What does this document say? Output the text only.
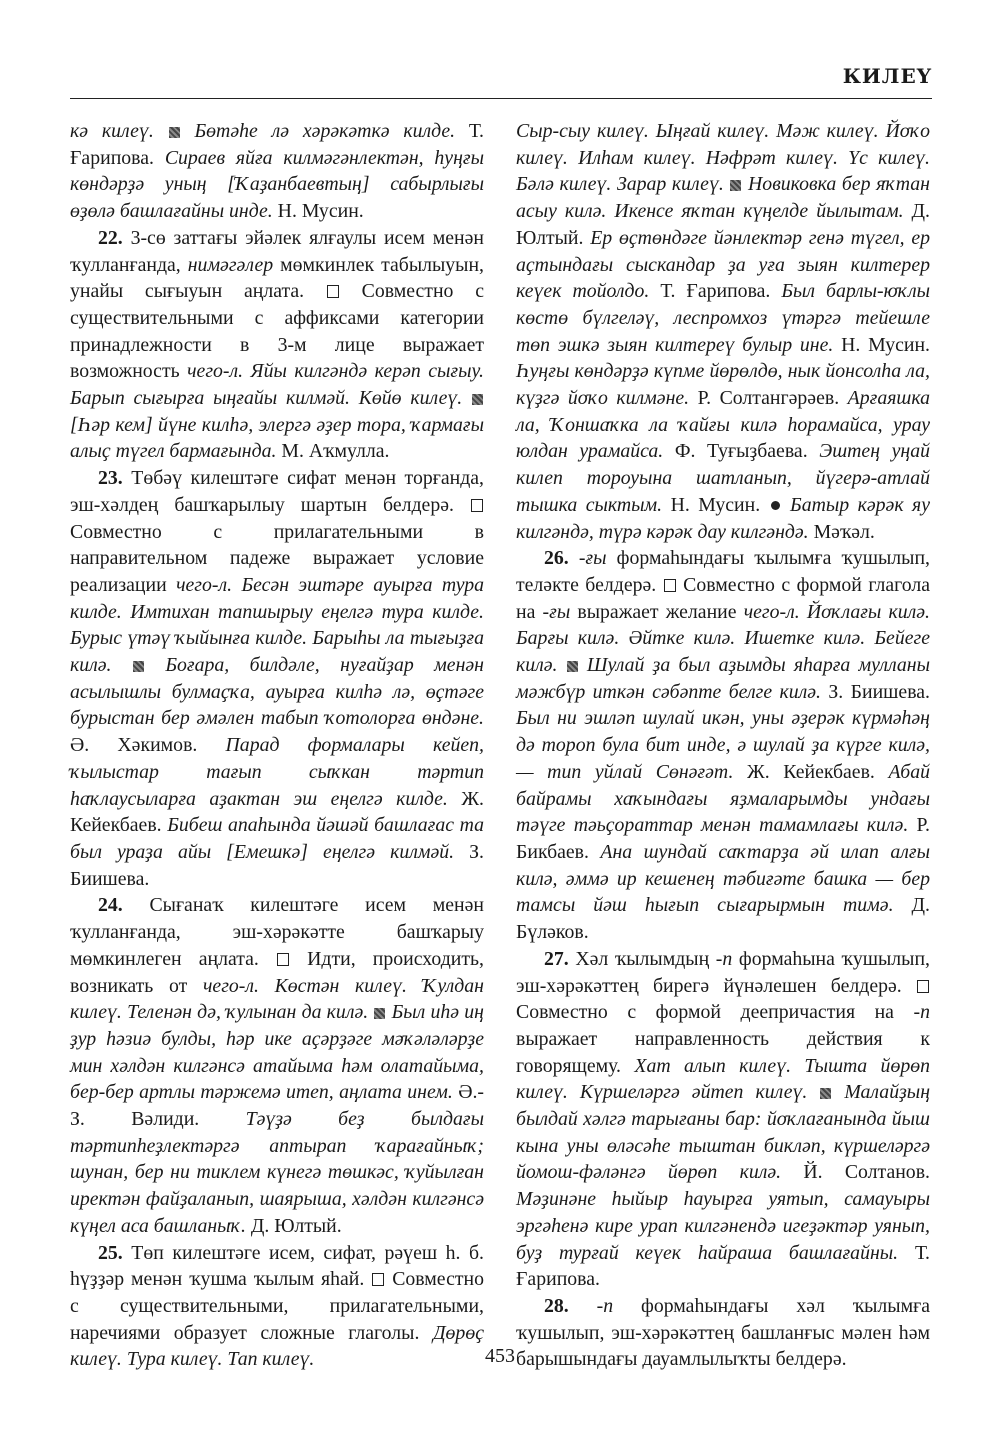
КИЛЕҮ

кә килеү.  Бөтәһе лә хәрәкәткә килде. Т. Ғарипова. Сираев яйға килмәгәнлектән, һуңғы көндәрҙә уның [Ҡаҙанбаевтың] сабырлығы өҙөлә башлағайны инде. Н. Мусин.

22. 3-сө заттағы эйәлек ялғаулы исем менән ҡулланғанда, нимәгәлер мөмкинлек табылыуын, унайы сығыуын аңлата.  Совместно с существительными с аффиксами категории принадлежности в 3-м лице выражает возможность чего-л. Яйы килгәндә керəп сығыу. Барып сығырға ыңғайы килмәй. Көйө килеү.  [Һәр кем] йүне килһә, элергә әҙер тора, ҡармағы алыҫ түгел бармағында. М. Аҡмулла.

23. Төбәү килештәге сифат менән торғанда, эш-хәлдең башҡарылыу шартын белдерә.  Совместно с прилагательными в направительном падеже выражает условие реализации чего-л. Бесән эштәре ауырға тура килде. Имтихан тапшырыу еңелгә тура килде. Бурыс үтәү ҡыйынға килде. Барыһы ла тығыҙға килә.  Боғара, билдәле, нуғайҙар менән асылышлы булмаҫҡа, ауырға килһә лә, өҫтәге бурыстан бер әмәлен табып ҡотолорға өндәне. Ә. Хәкимов. Парад формалары кейеп, ҡылыстар тағып сыҡкан тәртип һаҡлаусыларға аҙактан эш еңелгә килде. Ж. Кейекбаев. Бибеш апаһында йәшәй башлағас та был ураҙа айы [Емешкә] еңелгә килмәй. З. Биишева.

24. Сығанаҡ килештәге исем менән ҡулланғанда, эш-хәрәкәтте башҡарыу мөмкинлеген аңлата.  Идти, происходить, возникать от чего-л. Көстән килеү. Ҡулдан килеү. Теленән дә, ҡулынан да килә.  Был иһә иң ҙур һәзиә булды, һәр ике аҫәрҙәге мәҡәләләрҙе мин хәлдән килгәнсә атайыма һәм олатайыма, бер-бер артлы тәржемә итеп, аңлата инем. Ә.-З. Вәлиди. Тәүҙә беҙ былдағы тәртипһеҙлектәргә аптырап ҡарағайныҡ; шунан, бер ни тиклем күнегә төшкәс, ҡуйылған иректән файҙаланып, шаярыша, хәлдән килгәнсә күңел аса башланыҡ. Д. Юлтый.

25. Төп килештәге исем, сифат, рәүеш һ. б. һүҙҙәр менән ҡушма ҡылым яһай.  Совместно с существительными, прилагательными, наречиями образует сложные глаголы. Дөрөҫ килеү. Тура килеү. Тап килеү.

Сыр-сыу килеү. Ыңғай килеү. Мәж килеү. Йоҡо килеү. Илһам килеү. Нәфрәт килеү. Үс килеү. Бәлә килеү. Зарар килеү.  Новиковка бер яҡтан асыу килә. Икенсе яҡтан күңелде йылытам. Д. Юлтый. Ер өҫтөндәге йәнлектәр генә түгел, ер аҫтындағы сыскандар ҙа уға зыян килтерер кеүек тойолдо. Т. Ғарипова. Был барлы-юҡлы көстө бүлгеләү, леспромхоз үтәргә тейешле төп эшкә зыян килтереү булыр ине. Н. Мусин. Һуңғы көндәрҙә күпме йөрөлдө, нык йонсолһа ла, күҙгә йоҡо килмәне. Р. Солтангәрәев. Арғаяшка ла, Ҡоншаҡка ла ҡайғы килә һорамайса, урау юлдан урамайса. Ф. Туғыҙбаева. Эштең уңай килеп тороуына шатланып, йүгерә-атлай тышка сыктым. Н. Мусин.  Батыр кәрәк яу килгәндә, түрә кәрәк дау килгәндә. Мәҡәл.

26. -ғы формаһындағы ҡылымға ҡушылып, теләкте белдерә.  Совместно с формой глагола на -ғы выражает желание чего-л. Йоҡлағы килә. Барғы килә. Әйткe килә. Ишеткe килә. Бейеге килә.  Шулай ҙа был аҙымды яһарға мулланы мәжбүр иткән сәбәпте белге килә. З. Биишева. Был ни эшләп шулай икән, уны әҙерәк күрмәһәң дә тороп була бит инде, ә шулай ҙа күрге килә, — тип уйлай Сөнәғәт. Ж. Кейекбаев. Абай байрамы хаҡындағы яҙмаларымды ундағы тәүге тәьҫораттар менән тамамлағы килә. Р. Бикбаев. Ана шундай саҡтарҙа әй илап алғы килә, әммә ир кешенең тәбиғәте башка — бер тамсы йәш һығып сығарырмын тимә. Д. Бүләков.

27. Хәл ҡылымдың -п формаһына ҡушылып, эш-хәрәкәттең бирегә йүнәлешен белдерә.  Совместно с формой деепричастия на -п выражает направленность действия к говорящему. Хат алып килеү. Тыштa йөрөп килеү. Күршеләргә әйтеп килеү.  Малайҙың былдай хәлгә тарығаны бар: йоҡлағанында йыш кына уны өләсәһе тыштан биклəп, күршеләргә йомош-фәләнгә йөрөп килә. Й. Солтанов. Мәҙинәне һыйыр һауырға уятып, самауыры эргәһенә кире урап килгәнендә игеҙәктәр уянып, буҙ турғай кеүек һайраша башлағайны. Т. Ғарипова.

28. -п формаһындағы хәл ҡылымға ҡушылып, эш-хәрәкәттең башланғыс мәлен һәм барышындағы дауамлылыҡты белдерә.

453
